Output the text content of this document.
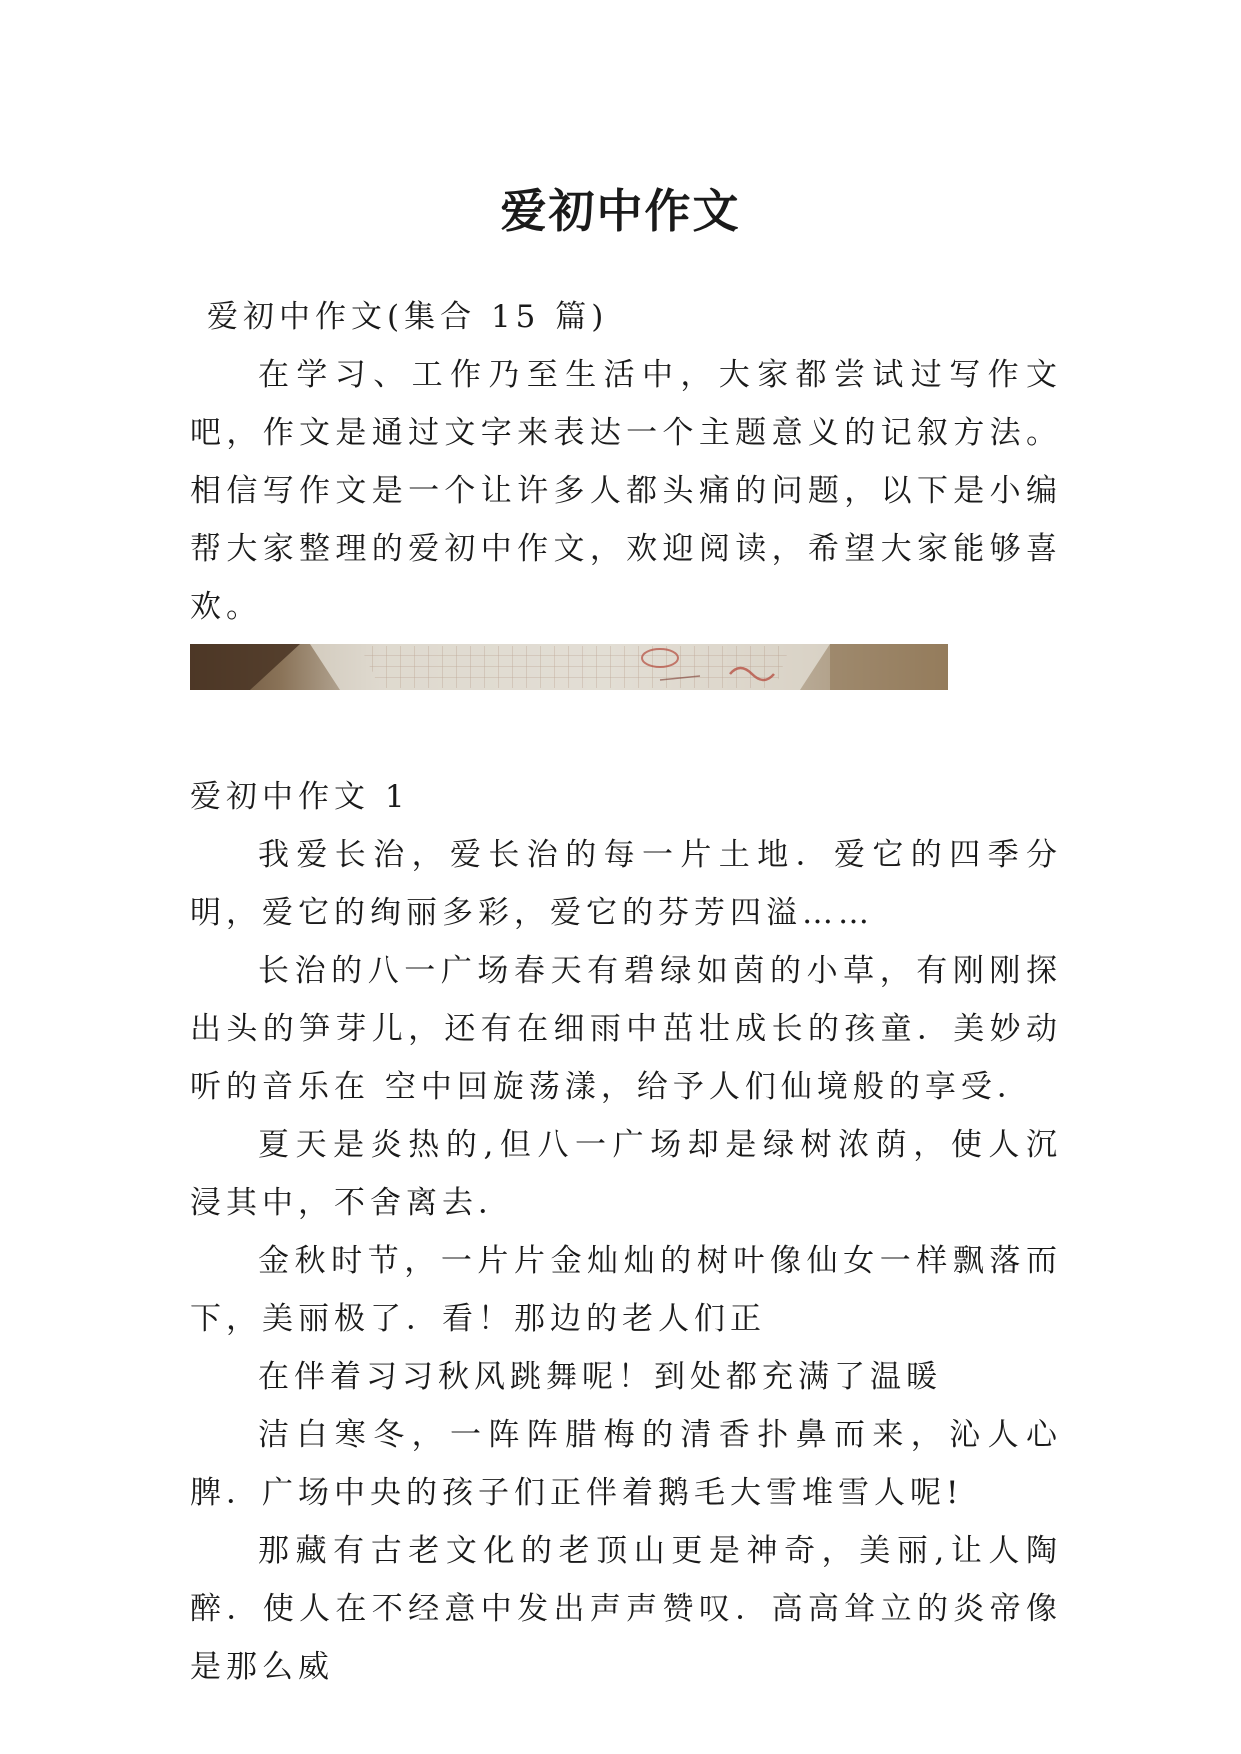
爱初中作文

爱初中作文(集合 15 篇)

在学习、工作乃至生活中，大家都尝试过写作文吧，作文是通过文字来表达一个主题意义的记叙方法。相信写作文是一个让许多人都头痛的问题，以下是小编帮大家整理的爱初中作文，欢迎阅读，希望大家能够喜欢。

爱初中作文 1

我爱长治，爱长治的每一片土地．爱它的四季分明，爱它的绚丽多彩，爱它的芬芳四溢……

长治的八一广场春天有碧绿如茵的小草，有刚刚探出头的笋芽儿，还有在细雨中茁壮成长的孩童．美妙动听的音乐在 空中回旋荡漾，给予人们仙境般的享受．

夏天是炎热的,但八一广场却是绿树浓荫，使人沉浸其中，不舍离去．

金秋时节，一片片金灿灿的树叶像仙女一样飘落而下，美丽极了．看！那边的老人们正

在伴着习习秋风跳舞呢！到处都充满了温暖

洁白寒冬，一阵阵腊梅的清香扑鼻而来，沁人心脾．广场中央的孩子们正伴着鹅毛大雪堆雪人呢!

那藏有古老文化的老顶山更是神奇，美丽,让人陶醉．使人在不经意中发出声声赞叹．高高耸立的炎帝像是那么威
